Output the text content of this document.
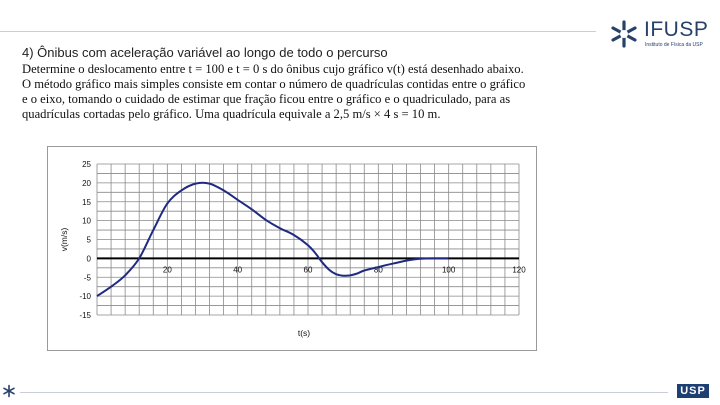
IFUSP
Instituto de Física da USP
4) Ônibus com aceleração variável ao longo de todo o percurso

Determine o deslocamento entre t = 100 e t = 0 s do ônibus cujo gráfico v(t) está desenhado abaixo.

O método gráfico mais simples consiste em contar o número de quadrículas contidas entre o gráfico

e o eixo, tomando o cuidado de estimar que fração ficou entre o gráfico e o quadriculado, para as

quadrículas cortadas pelo gráfico. Uma quadrícula equivale a 2,5 m/s × 4 s = 10 m.

25
20
15
10
5
0
-5
-10
-15
20	40	60	80	100	120
v(m/s)
t(s)
USP
